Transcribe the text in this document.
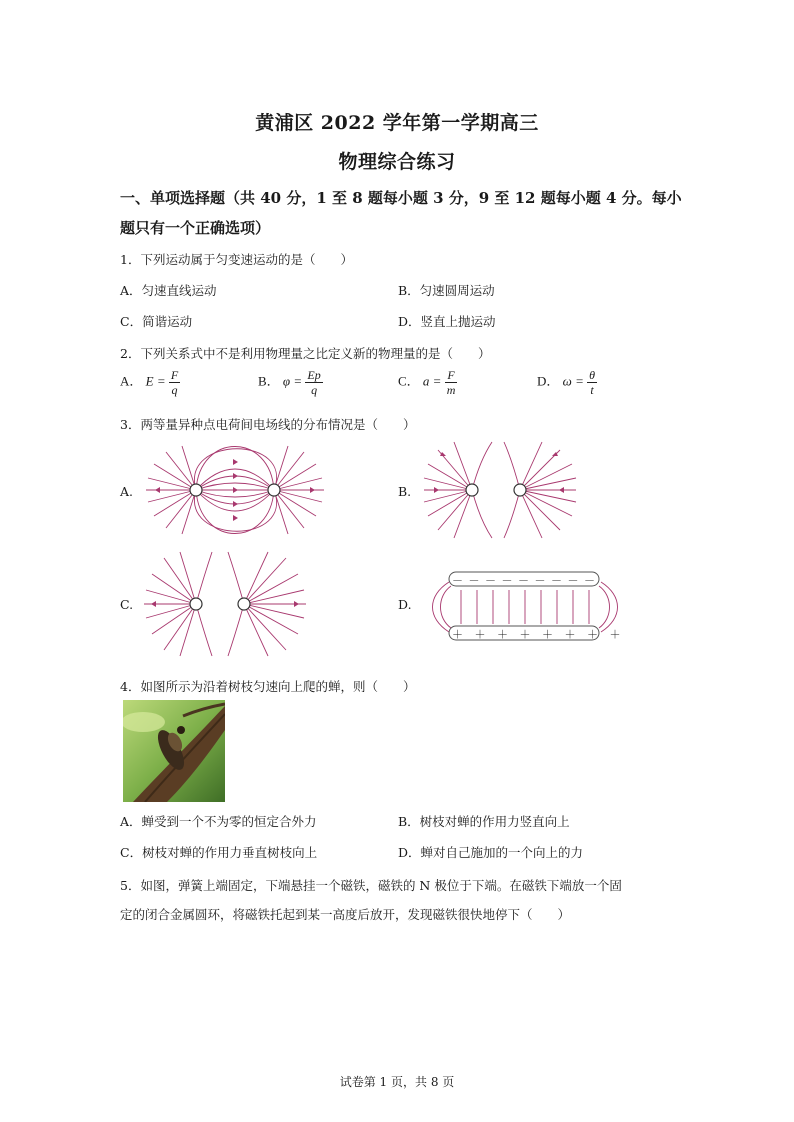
黄浦区 2022 学年第一学期高三
物理综合练习
一、单项选择题（共 40 分，1 至 8 题每小题 3 分，9 至 12 题每小题 4 分。每小
题只有一个正确选项）
1．下列运动属于匀变速运动的是（　　）
A．匀速直线运动	B．匀速圆周运动
C．简谐运动	D．竖直上抛运动
2．下列关系式中不是利用物理量之比定义新的物理量的是（　　）
A． $E = \frac{F}{q}$	B． $\varphi = \frac{Ep}{q}$	C． $a = \frac{F}{m}$	D． $\omega = \frac{\theta}{t}$
3．两等量异种点电荷间电场线的分布情况是（　　）
A.	B.
C.	D.
－ － － － － － － － －
＋ ＋ ＋ ＋ ＋ ＋ ＋ ＋
4．如图所示为沿着树枝匀速向上爬的蝉，则（　　）
A．蝉受到一个不为零的恒定合外力	B．树枝对蝉的作用力竖直向上
C．树枝对蝉的作用力垂直树枝向上	D．蝉对自己施加的一个向上的力
5．如图，弹簧上端固定，下端悬挂一个磁铁，磁铁的 N 极位于下端。在磁铁下端放一个固
定的闭合金属圆环，将磁铁托起到某一高度后放开，发现磁铁很快地停下（　　）
试卷第 1 页，共 8 页
